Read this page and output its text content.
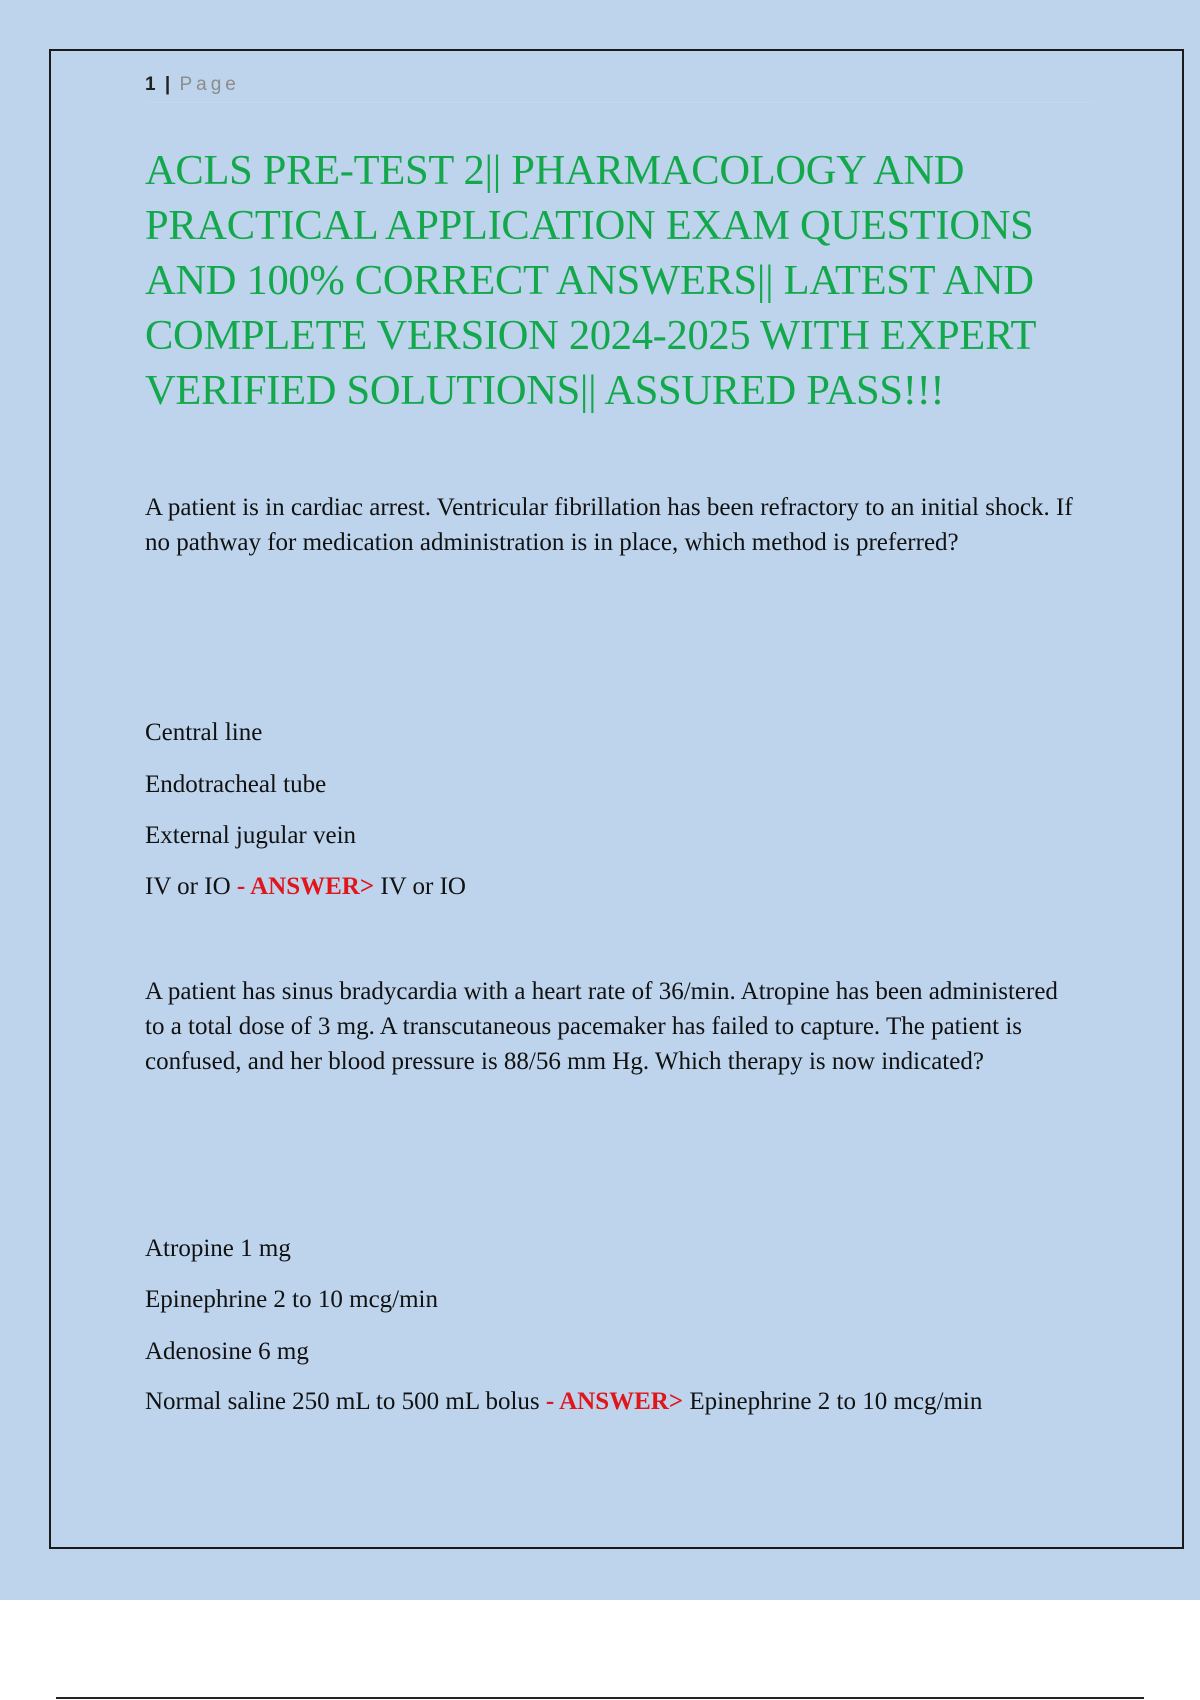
1 | Page
ACLS PRE-TEST 2|| PHARMACOLOGY AND PRACTICAL APPLICATION EXAM QUESTIONS AND 100% CORRECT ANSWERS|| LATEST AND COMPLETE VERSION 2024-2025 WITH EXPERT VERIFIED SOLUTIONS|| ASSURED PASS!!!

A patient is in cardiac arrest. Ventricular fibrillation has been refractory to an initial shock. If no pathway for medication administration is in place, which method is preferred?

Central line

Endotracheal tube

External jugular vein

IV or IO - ANSWER> IV or IO

A patient has sinus bradycardia with a heart rate of 36/min. Atropine has been administered to a total dose of 3 mg. A transcutaneous pacemaker has failed to capture. The patient is confused, and her blood pressure is 88/56 mm Hg. Which therapy is now indicated?

Atropine 1 mg

Epinephrine 2 to 10 mcg/min

Adenosine 6 mg

Normal saline 250 mL to 500 mL bolus - ANSWER> Epinephrine 2 to 10 mcg/min
